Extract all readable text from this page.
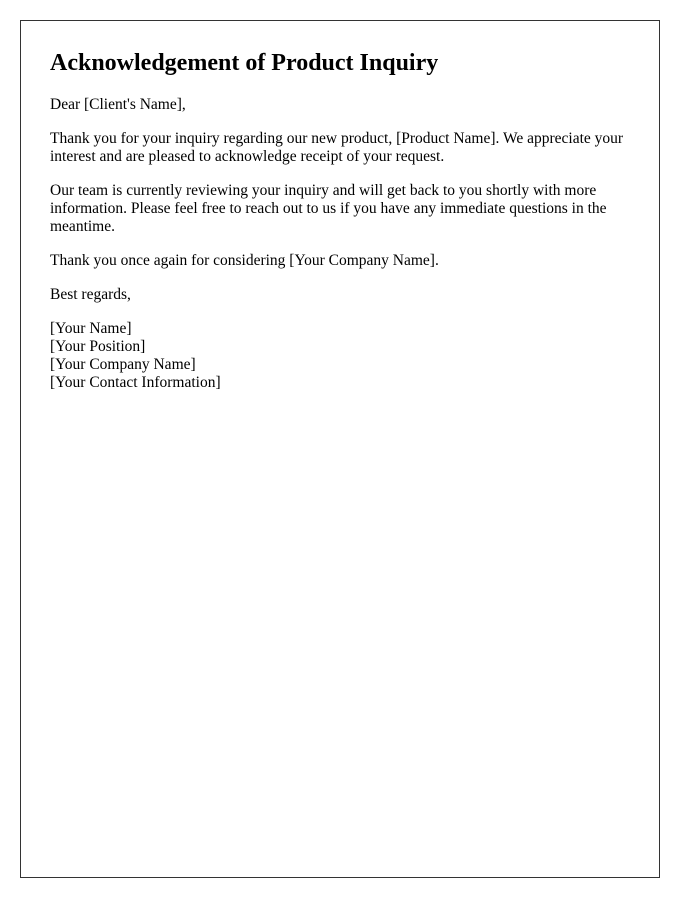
Acknowledgement of Product Inquiry

Dear [Client's Name],

Thank you for your inquiry regarding our new product, [Product Name]. We appreciate your interest and are pleased to acknowledge receipt of your request.

Our team is currently reviewing your inquiry and will get back to you shortly with more information. Please feel free to reach out to us if you have any immediate questions in the meantime.

Thank you once again for considering [Your Company Name].

Best regards,

[Your Name]
[Your Position]
[Your Company Name]
[Your Contact Information]
